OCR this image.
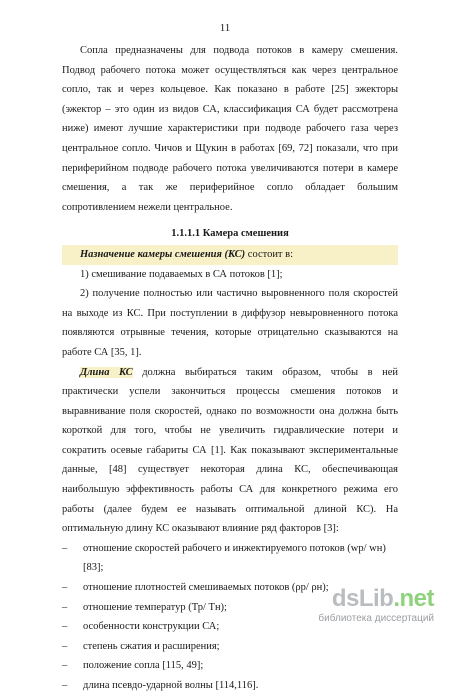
11

Сопла предназначены для подвода потоков в камеру смешения. Подвод рабочего потока может осуществляться как через центральное сопло, так и через кольцевое. Как показано в работе [25] эжекторы (эжектор – это один из видов СА, классификация СА будет рассмотрена ниже) имеют лучшие характеристики при подводе рабочего газа через центральное сопло. Чичов и Щукин в работах [69, 72] показали, что при периферийном подводе рабочего потока увеличиваются потери в камере смешения, а так же периферийное сопло обладает большим сопротивлением нежели центральное.

1.1.1.1 Камера смешения

Назначение камеры смешения (КС) состоит в:

1) смешивание подаваемых в СА потоков [1];

2) получение полностью или частично выровненного поля скоростей на выходе из КС. При поступлении в диффузор невыровненного потока появляются отрывные течения, которые отрицательно сказываются на работе СА [35, 1].

Длина КС должна выбираться таким образом, чтобы в ней практически успели закончиться процессы смешения потоков и выравнивание поля скоростей, однако по возможности она должна быть короткой для того, чтобы не увеличить гидравлические потери и сократить осевые габариты СА [1]. Как показывают экспериментальные данные, [48] существует некоторая длина КС, обеспечивающая наибольшую эффективность работы СА для конкретного режима его работы (далее будем ее называть оптимальной длиной КС). На оптимальную длину КС оказывают влияние ряд факторов [3]:

– отношение скоростей рабочего и инжектируемого потоков (wр/ wн) [83];
– отношение плотностей смешиваемых потоков (ρр/ ρн);
– отношение температур (Тр/ Тн);
– особенности конструкции СА;
– степень сжатия и расширения;
– положение сопла [115, 49];
– длина псевдо-ударной волны [114,116].
dsLib.net
библиотека диссертаций
